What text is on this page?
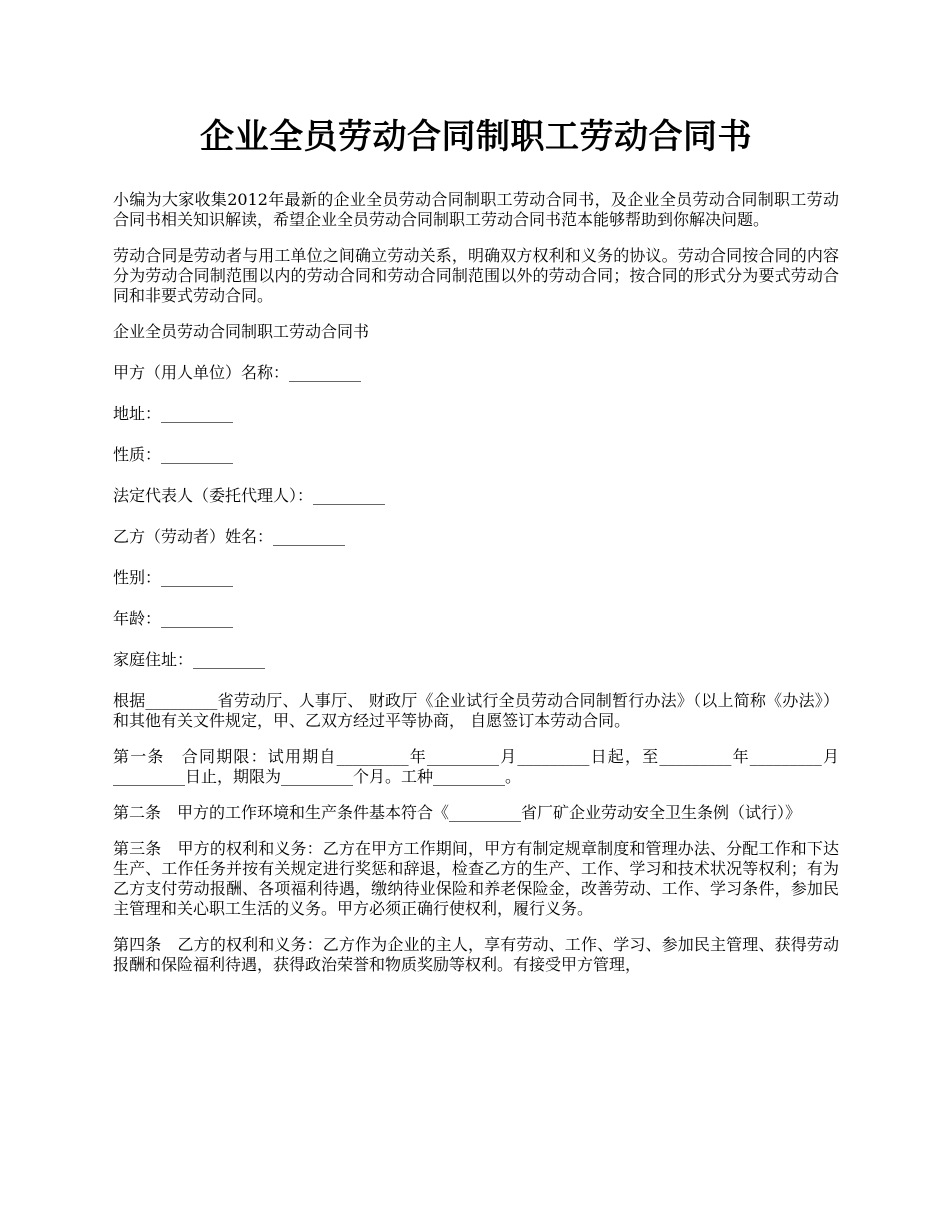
企业全员劳动合同制职工劳动合同书

小编为大家收集2012年最新的企业全员劳动合同制职工劳动合同书，及企业全员劳动合同制职工劳动合同书相关知识解读，希望企业全员劳动合同制职工劳动合同书范本能够帮助到你解决问题。

劳动合同是劳动者与用工单位之间确立劳动关系，明确双方权利和义务的协议。劳动合同按合同的内容分为劳动合同制范围以内的劳动合同和劳动合同制范围以外的劳动合同；按合同的形式分为要式劳动合同和非要式劳动合同。

企业全员劳动合同制职工劳动合同书

甲方（用人单位）名称：_________

地址：_________

性质：_________

法定代表人（委托代理人）：_________

乙方（劳动者）姓名：_________

性别：_________

年龄：_________

家庭住址：_________

根据_________省劳动厅、人事厅、 财政厅《企业试行全员劳动合同制暂行办法》（以上简称《办法》）和其他有关文件规定，甲、乙双方经过平等协商， 自愿签订本劳动合同。

第一条　合同期限：试用期自_________年_________月_________日起，至_________年_________月_________日止，期限为_________个月。工种_________。

第二条　甲方的工作环境和生产条件基本符合《_________省厂矿企业劳动安全卫生条例（试行）》

第三条　甲方的权利和义务：乙方在甲方工作期间，甲方有制定规章制度和管理办法、分配工作和下达生产、工作任务并按有关规定进行奖惩和辞退，检查乙方的生产、工作、学习和技术状况等权利；有为乙方支付劳动报酬、各项福利待遇，缴纳待业保险和养老保险金，改善劳动、工作、学习条件，参加民主管理和关心职工生活的义务。甲方必须正确行使权利，履行义务。

第四条　乙方的权利和义务：乙方作为企业的主人，享有劳动、工作、学习、参加民主管理、获得劳动报酬和保险福利待遇，获得政治荣誉和物质奖励等权利。有接受甲方管理，
